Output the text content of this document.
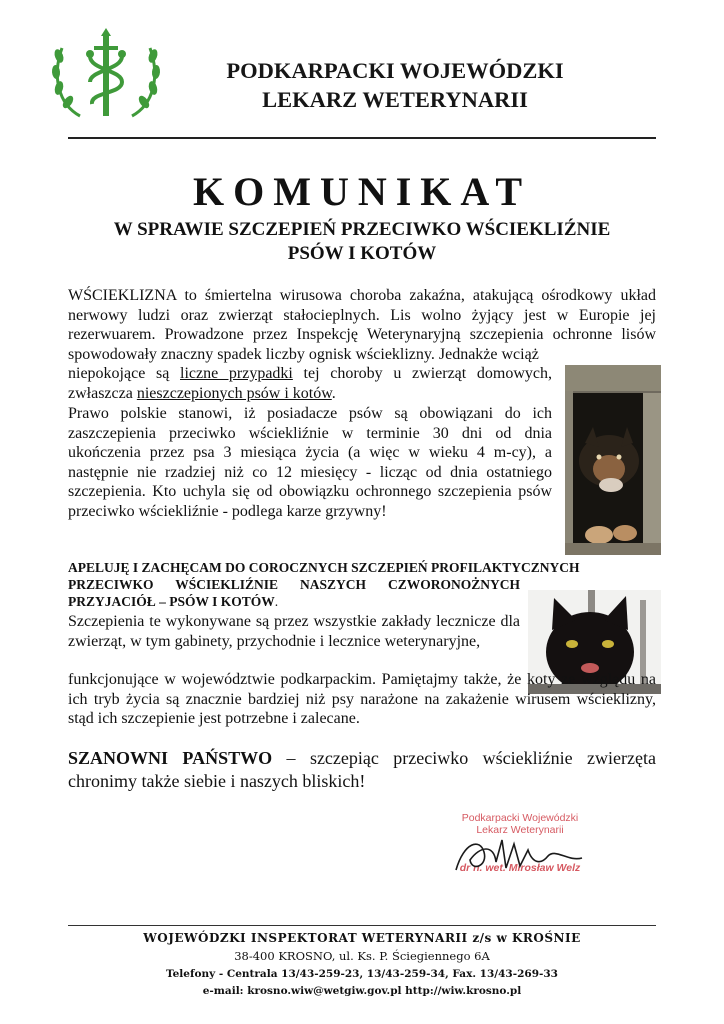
PODKARPACKI WOJEWÓDZKI
LEKARZ WETERYNARII
KOMUNIKAT
W SPRAWIE SZCZEPIEŃ PRZECIWKO WŚCIEKLIŹNIE
PSÓW I KOTÓW
WŚCIEKLIZNA to śmiertelna wirusowa choroba zakaźna, atakującą ośrodkowy układ nerwowy ludzi oraz zwierząt stałocieplnych. Lis wolno żyjący jest w Europie jej rezerwuarem. Prowadzone przez Inspekcję Weterynaryjną szczepienia ochronne lisów spowodowały znaczny spadek liczby ognisk wścieklizny. Jednakże wciąż
niepokojące są liczne przypadki tej choroby u zwierząt domowych, zwłaszcza nieszczepionych psów i kotów.
Prawo polskie stanowi, iż posiadacze psów są obowiązani do ich zaszczepienia przeciwko wściekliźnie w terminie 30 dni od dnia ukończenia przez psa 3 miesiąca życia (a więc w wieku 4 m-cy), a następnie nie rzadziej niż co 12 miesięcy - licząc od dnia ostatniego szczepienia. Kto uchyla się od obowiązku ochronnego szczepienia psów przeciwko wściekliźnie - podlega karze grzywny!
APELUJĘ I ZACHĘCAM DO COROCZNYCH SZCZEPIEŃ PROFILAKTYCZNYCH
PRZECIWKO WŚCIEKLIŹNIE NASZYCH CZWORONOŻNYCH PRZYJACIÓŁ – PSÓW I KOTÓW.
Szczepienia te wykonywane są przez wszystkie zakłady lecznicze dla zwierząt, w tym gabinety, przychodnie i lecznice weterynaryjne,
funkcjonujące w województwie podkarpackim. Pamiętajmy także, że koty ze względu na ich tryb życia są znacznie bardziej niż psy narażone na zakażenie wirusem wścieklizny, stąd ich szczepienie jest potrzebne i zalecane.
SZANOWNI PAŃSTWO – szczepiąc przeciwko wściekliźnie zwierzęta chronimy także siebie i naszych bliskich!
Podkarpacki Wojewódzki
Lekarz Weterynarii
dr n. wet. Mirosław Welz
WOJEWÓDZKI INSPEKTORAT WETERYNARII z/s w KROŚNIE
38-400 KROSNO, ul. Ks. P. Ściegiennego 6A
Telefony - Centrala 13/43-259-23, 13/43-259-34, Fax. 13/43-269-33
e-mail: krosno.wiw@wetgiw.gov.pl http://wiw.krosno.pl
